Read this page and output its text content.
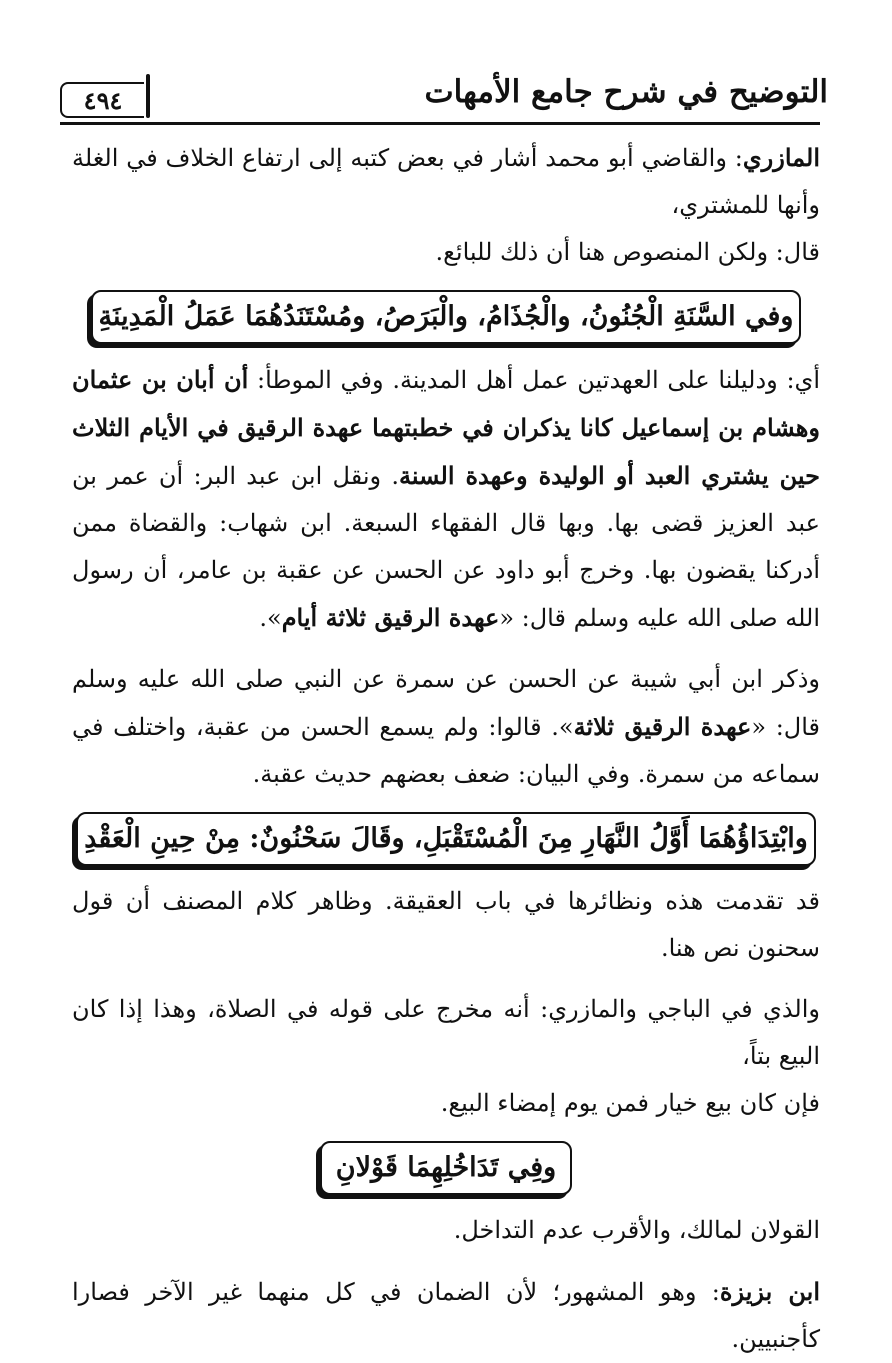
التوضيح في شرح جامع الأمهات
٤٩٤

المازري: والقاضي أبو محمد أشار في بعض كتبه إلى ارتفاع الخلاف في الغلة وأنها للمشتري،
قال: ولكن المنصوص هنا أن ذلك للبائع.

وفي السَّنَةِ الْجُنُونُ، والْجُذَامُ، والْبَرَصُ، ومُسْتَنَدُهُمَا عَمَلُ الْمَدِينَةِ

أي: ودليلنا على العهدتين عمل أهل المدينة. وفي الموطأ: أن أبان بن عثمان وهشام بن إسماعيل كانا يذكران في خطبتهما عهدة الرقيق في الأيام الثلاث حين يشتري العبد أو الوليدة وعهدة السنة. ونقل ابن عبد البر: أن عمر بن عبد العزيز قضى بها. وبها قال الفقهاء السبعة. ابن شهاب: والقضاة ممن أدركنا يقضون بها. وخرج أبو داود عن الحسن عن عقبة بن عامر، أن رسول الله صلى الله عليه وسلم قال: «عهدة الرقيق ثلاثة أيام».

وذكر ابن أبي شيبة عن الحسن عن سمرة عن النبي صلى الله عليه وسلم قال: «عهدة الرقيق ثلاثة». قالوا: ولم يسمع الحسن من عقبة، واختلف في سماعه من سمرة. وفي البيان: ضعف بعضهم حديث عقبة.

وابْتِدَاؤُهُمَا أَوَّلُ النَّهَارِ مِنَ الْمُسْتَقْبَلِ، وقَالَ سَحْنُونٌ: مِنْ حِينِ الْعَقْدِ

قد تقدمت هذه ونظائرها في باب العقيقة. وظاهر كلام المصنف أن قول سحنون نص هنا.

والذي في الباجي والمازري: أنه مخرج على قوله في الصلاة، وهذا إذا كان البيع بتاً،
فإن كان بيع خيار فمن يوم إمضاء البيع.

وفِي تَدَاخُلِهِمَا قَوْلانِ

القولان لمالك، والأقرب عدم التداخل.

ابن بزيزة: وهو المشهور؛ لأن الضمان في كل منهما غير الآخر فصارا كأجنبيين.
